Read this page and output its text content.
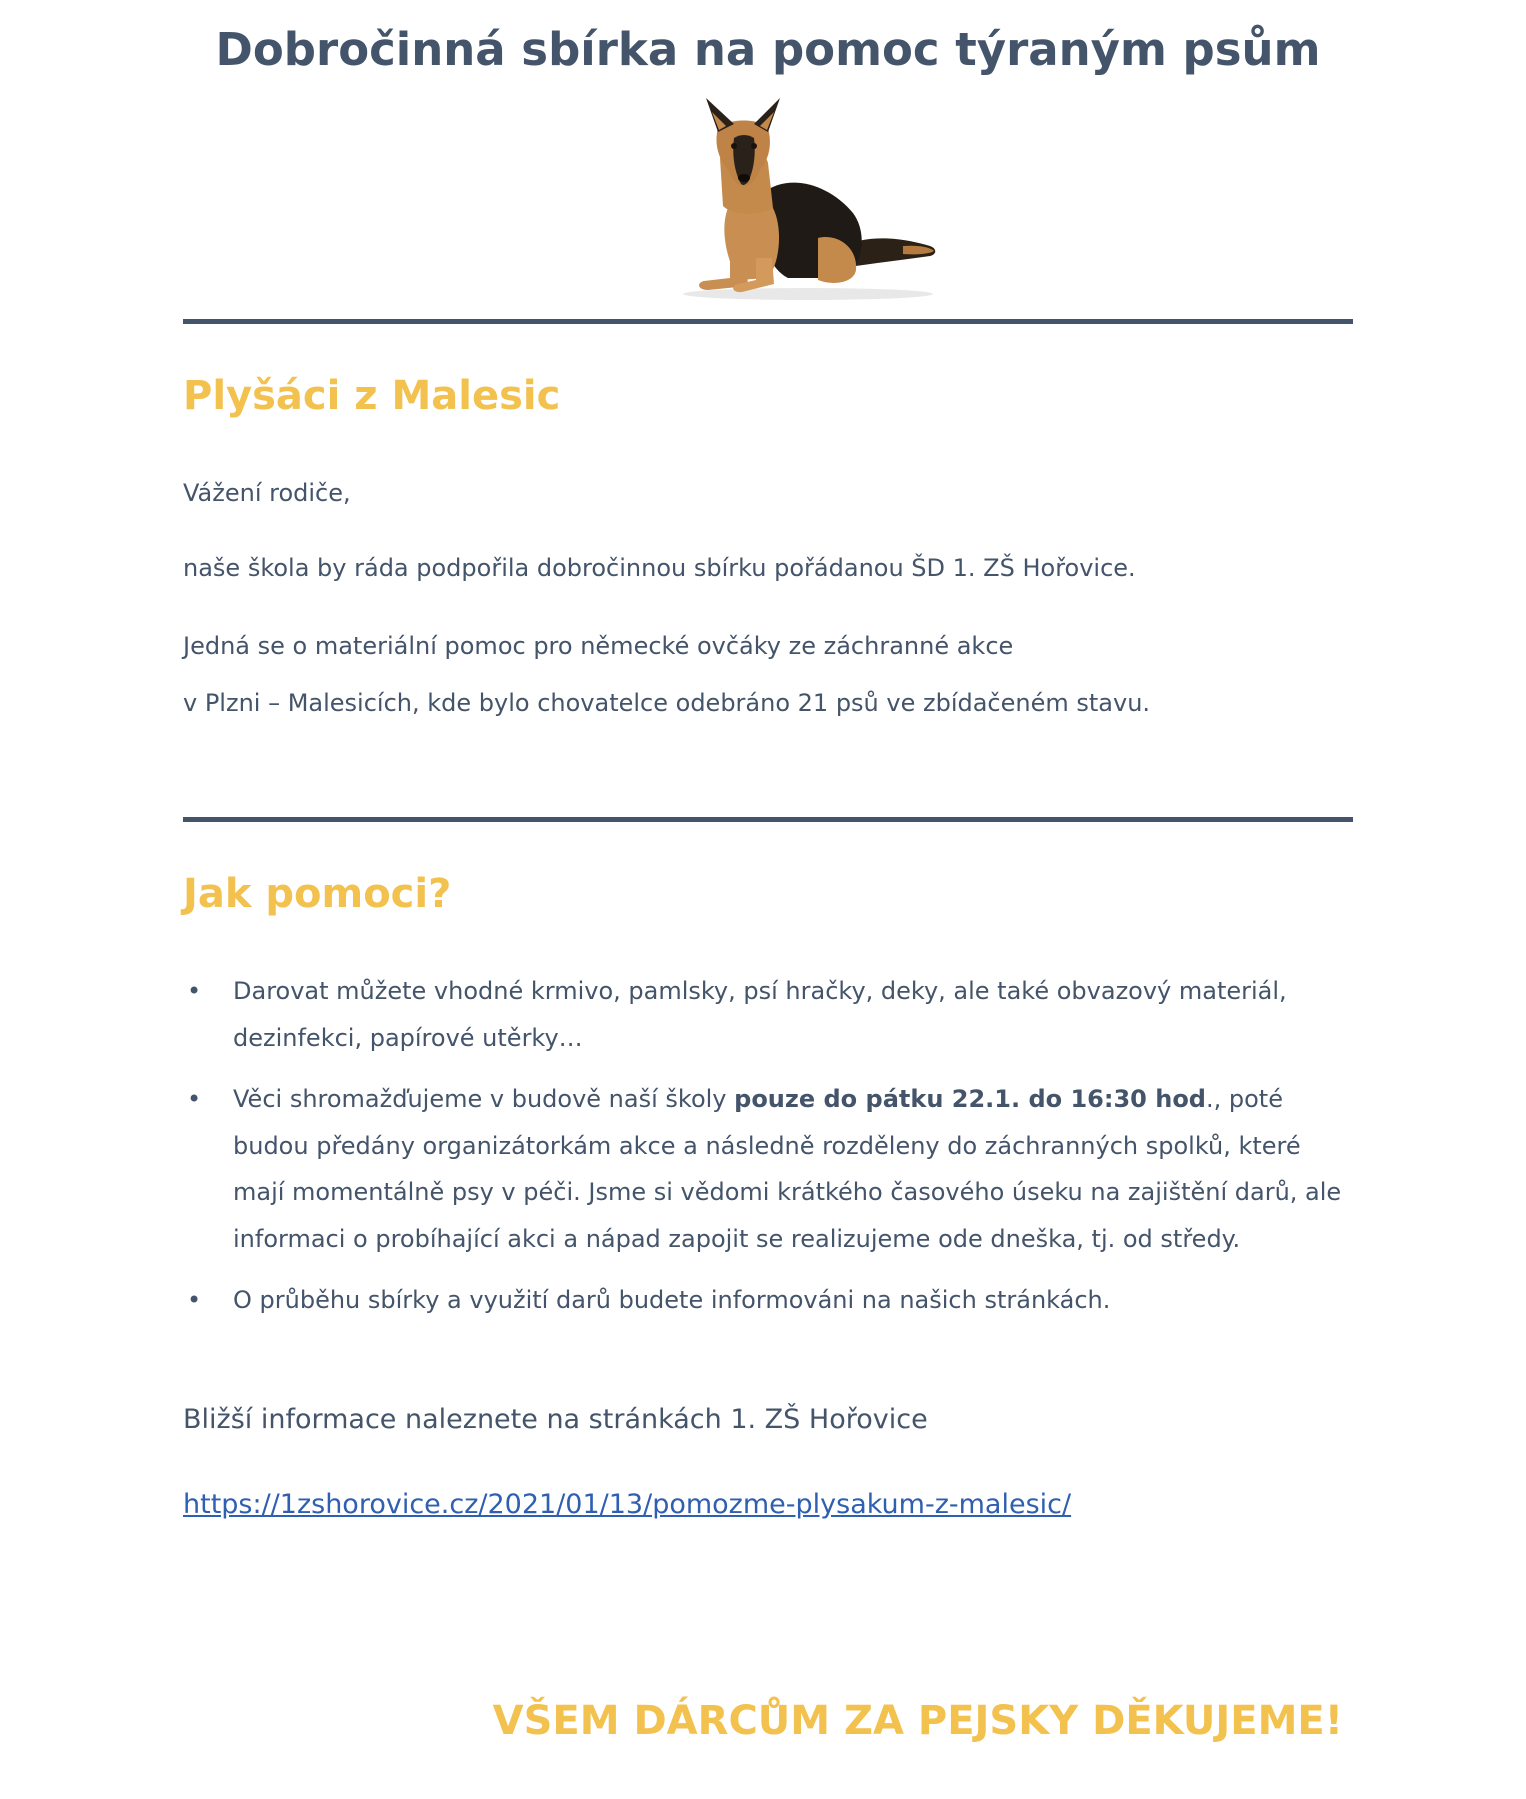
Dobročinná sbírka na pomoc týraným psům
Plyšáci z Malesic

Vážení rodiče,

naše škola by ráda podpořila dobročinnou sbírku pořádanou ŠD 1. ZŠ Hořovice.

Jedná se o materiální pomoc pro německé ovčáky ze záchranné akce

v Plzni – Malesicích, kde bylo chovatelce odebráno 21 psů ve zbídačeném stavu.

Jak pomoci?
• Darovat můžete vhodné krmivo, pamlsky, psí hračky, deky, ale také obvazový materiál, dezinfekci, papírové utěrky…
• Věci shromažďujeme v budově naší školy pouze do pátku 22.1. do 16:30 hod., poté budou předány organizátorkám akce a následně rozděleny do záchranných spolků, které mají momentálně psy v péči. Jsme si vědomi krátkého časového úseku na zajištění darů, ale informaci o probíhající akci a nápad zapojit se realizujeme ode dneška, tj. od středy.
• O průběhu sbírky a využití darů budete informováni na našich stránkách.

Bližší informace naleznete na stránkách 1. ZŠ Hořovice

https://1zshorovice.cz/2021/01/13/pomozme-plysakum-z-malesic/

VŠEM DÁRCŮM ZA PEJSKY DĚKUJEME!
